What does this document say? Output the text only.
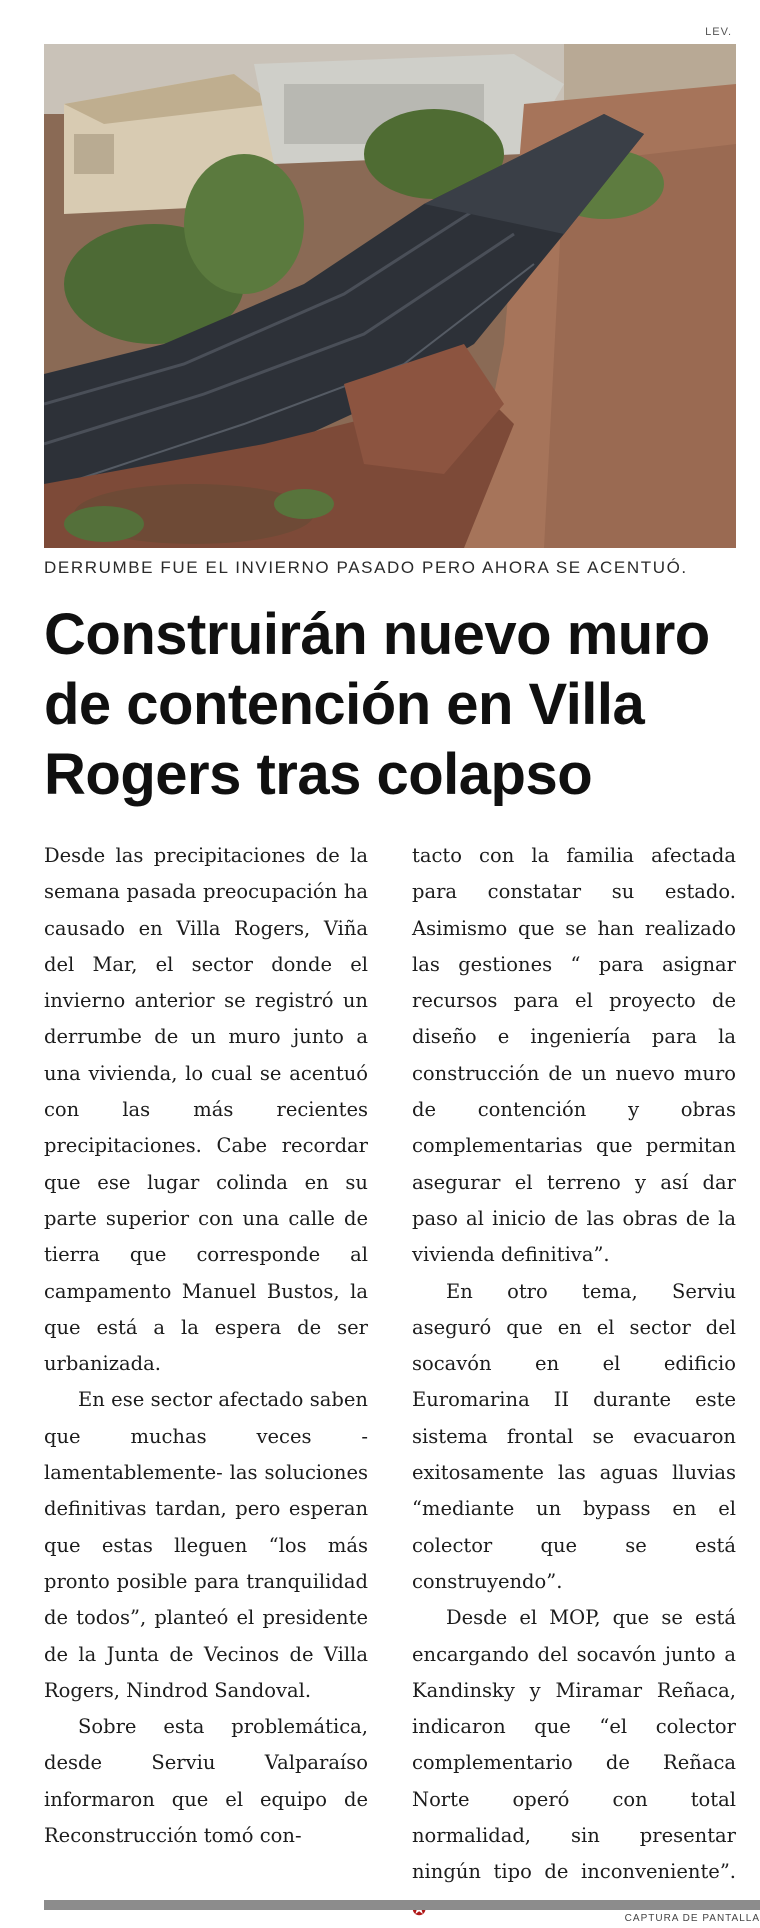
LEV.
DERRUMBE FUE EL INVIERNO PASADO PERO AHORA SE ACENTUÓ.
Construirán nuevo muro de contención en Villa Rogers tras colapso

Desde las precipitaciones de la semana pasada preocupación ha causado en Villa Rogers, Viña del Mar, el sector donde el invierno anterior se registró un derrumbe de un muro junto a una vivienda, lo cual se acentuó con las más recientes precipitaciones. Cabe recordar que ese lugar colinda en su parte superior con una calle de tierra que corresponde al campamento Manuel Bustos, la que está a la espera de ser urbanizada.

En ese sector afectado saben que muchas veces -lamentablemente- las soluciones definitivas tardan, pero esperan que estas lleguen “los más pronto posible para tranquilidad de todos”, planteó el presidente de la Junta de Vecinos de Villa Rogers, Nindrod Sandoval.

Sobre esta problemática, desde Serviu Valparaíso informaron que el equipo de Reconstrucción tomó con-

tacto con la familia afectada para constatar su estado. Asimismo que se han realizado las gestiones “ para asignar recursos para el proyecto de diseño e ingeniería para la construcción de un nuevo muro de contención y obras complementarias que permitan asegurar el terreno y así dar paso al inicio de las obras de la vivienda definitiva”.

En otro tema, Serviu aseguró que en el sector del socavón en el edificio Euromarina II durante este sistema frontal se evacuaron exitosamente las aguas lluvias “mediante un bypass en el colector que se está construyendo”.

Desde el MOP, que se está encargando del socavón junto a Kandinsky y Miramar Reñaca, indicaron que “el colector complementario de Reñaca Norte operó con total normalidad, sin presentar ningún tipo de inconveniente”.

CAPTURA DE PANTALLA
